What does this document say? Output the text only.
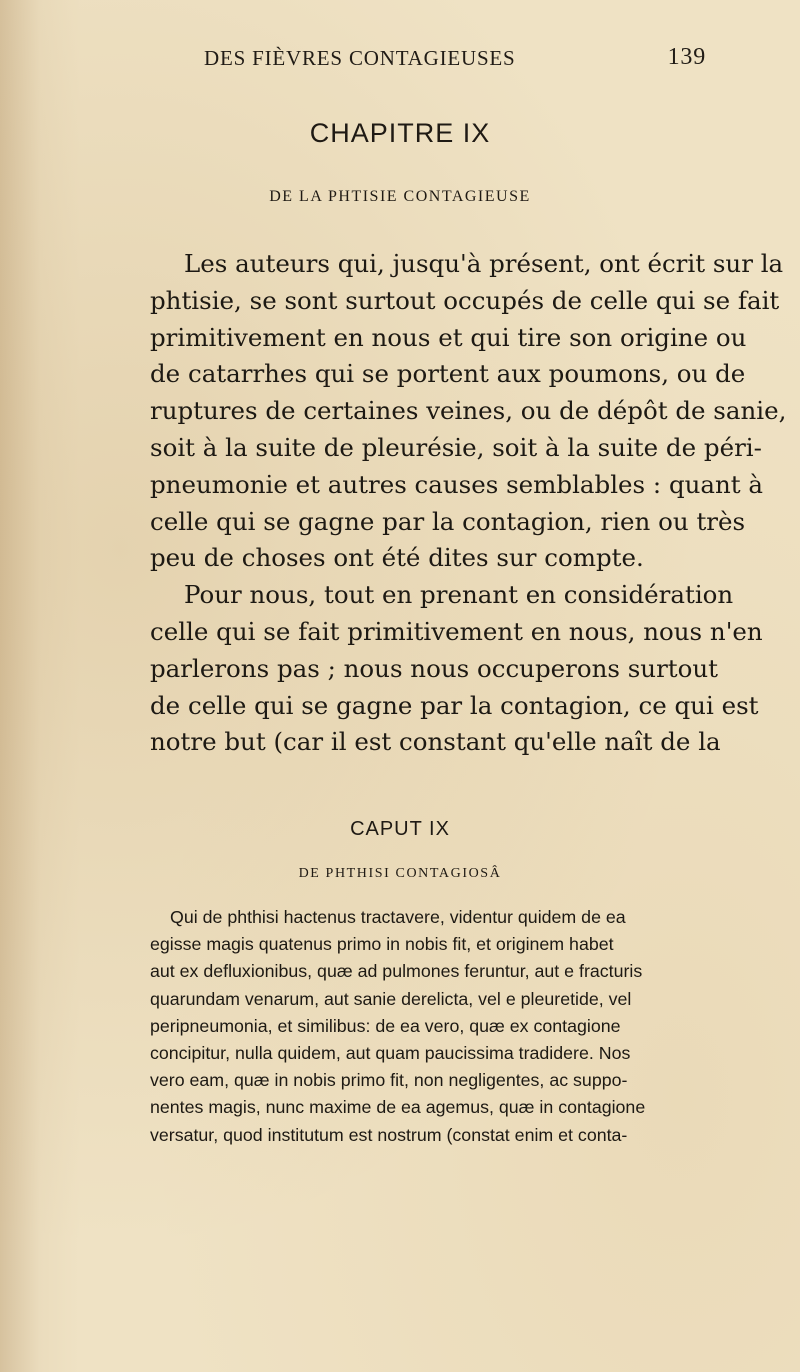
DES FIÈVRES CONTAGIEUSES	139
CHAPITRE IX
DE LA PHTISIE CONTAGIEUSE

Les auteurs qui, jusqu'à présent, ont écrit sur la
phtisie, se sont surtout occupés de celle qui se fait
primitivement en nous et qui tire son origine ou
de catarrhes qui se portent aux poumons, ou de
ruptures de certaines veines, ou de dépôt de sanie,
soit à la suite de pleurésie, soit à la suite de péri-
pneumonie et autres causes semblables : quant à
celle qui se gagne par la contagion, rien ou très
peu de choses ont été dites sur compte.

Pour nous, tout en prenant en considération
celle qui se fait primitivement en nous, nous n'en
parlerons pas ; nous nous occuperons surtout
de celle qui se gagne par la contagion, ce qui est
notre but (car il est constant qu'elle naît de la

CAPUT IX
DE PHTHISI CONTAGIOSÂ

Qui de phthisi hactenus tractavere, videntur quidem de ea
egisse magis quatenus primo in nobis fit, et originem habet
aut ex defluxionibus, quæ ad pulmones feruntur, aut e fracturis
quarundam venarum, aut sanie derelicta, vel e pleuretide, vel
peripneumonia, et similibus: de ea vero, quæ ex contagione
concipitur, nulla quidem, aut quam paucissima tradidere. Nos
vero eam, quæ in nobis primo fit, non negligentes, ac suppo-
nentes magis, nunc maxime de ea agemus, quæ in contagione
versatur, quod institutum est nostrum (constat enim et conta-
